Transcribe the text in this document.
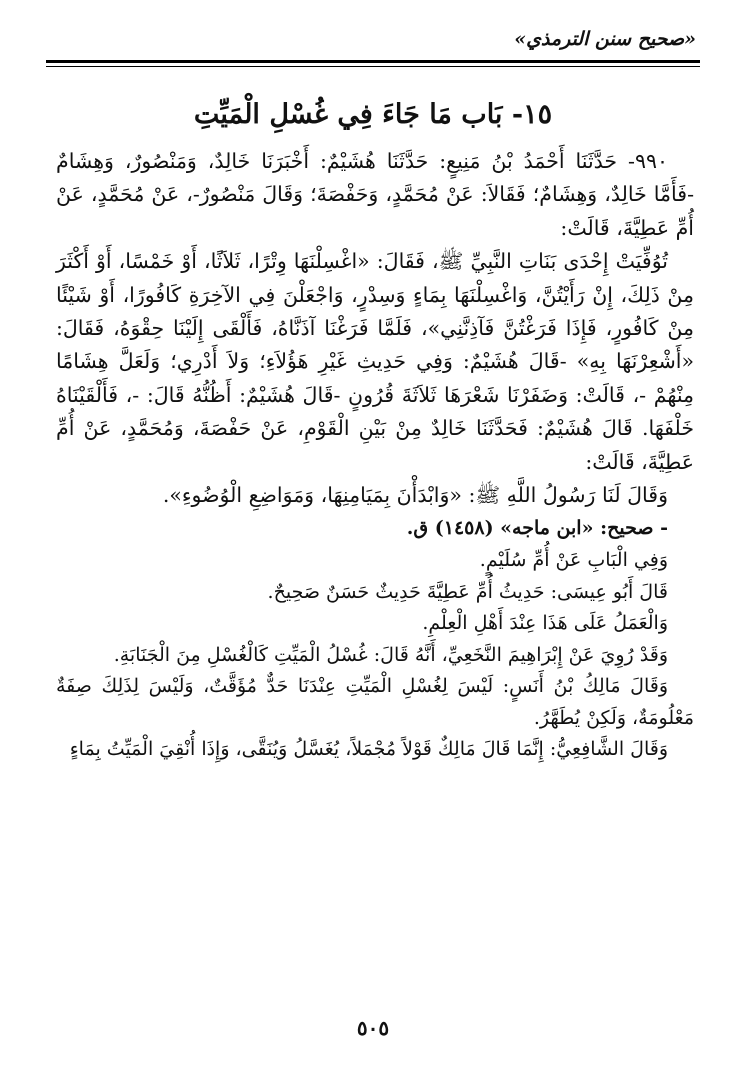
«صحيح سنن الترمذي»
١٥- بَاب مَا جَاءَ فِي غُسْلِ الْمَيِّتِ

٩٩٠- حَدَّثَنَا أَحْمَدُ بْنُ مَنِيعٍ: حَدَّثَنَا هُشَيْمٌ: أَخْبَرَنَا خَالِدٌ، وَمَنْصُورٌ، وَهِشَامٌ -فَأَمَّا خَالِدٌ، وَهِشَامٌ؛ فَقَالاَ: عَنْ مُحَمَّدٍ، وَحَفْصَةَ؛ وَقَالَ مَنْصُورٌ-، عَنْ مُحَمَّدٍ، عَنْ أُمِّ عَطِيَّةَ، قَالَتْ:

تُوُفِّيَتْ إِحْدَى بَنَاتِ النَّبِيِّ ﷺ، فَقَالَ: «اغْسِلْنَهَا وِتْرًا، ثَلاَثًا، أَوْ خَمْسًا، أَوْ أَكْثَرَ مِنْ ذَلِكَ، إِنْ رَأَيْتُنَّ، وَاغْسِلْنَهَا بِمَاءٍ وَسِدْرٍ، وَاجْعَلْنَ فِي الآخِرَةِ كَافُورًا، أَوْ شَيْئًا مِنْ كَافُورٍ، فَإِذَا فَرَغْتُنَّ فَآذِنَّنِي»، فَلَمَّا فَرَغْنَا آذَنَّاهُ، فَأَلْقَى إِلَيْنَا حِقْوَهُ، فَقَالَ: «أَشْعِرْنَهَا بِهِ» -قَالَ هُشَيْمٌ: وَفِي حَدِيثِ غَيْرِ هَؤُلاَءِ؛ وَلاَ أَدْرِي؛ وَلَعَلَّ هِشَامًا مِنْهُمْ -، قَالَتْ: وَضَفَرْنَا شَعْرَهَا ثَلاَثَةَ قُرُونٍ -قَالَ هُشَيْمٌ: أَظُنُّهُ قَالَ: -، فَأَلْقَيْنَاهُ خَلْفَهَا. قَالَ هُشَيْمٌ: فَحَدَّثَنَا خَالِدٌ مِنْ بَيْنِ الْقَوْمِ، عَنْ حَفْصَةَ، وَمُحَمَّدٍ، عَنْ أُمِّ عَطِيَّةَ، قَالَتْ:

وَقَالَ لَنَا رَسُولُ اللَّهِ ﷺ: «وَابْدَأْنَ بِمَيَامِنِهَا، وَمَوَاضِعِ الْوُضُوءِ».

- صحيح: «ابن ماجه» (١٤٥٨) ق.

وَفِي الْبَابِ عَنْ أُمِّ سُلَيْمٍ.

قَالَ أَبُو عِيسَى: حَدِيثُ أُمِّ عَطِيَّةَ حَدِيثٌ حَسَنٌ صَحِيحٌ.

وَالْعَمَلُ عَلَى هَذَا عِنْدَ أَهْلِ الْعِلْمِ.

وَقَدْ رُوِيَ عَنْ إِبْرَاهِيمَ النَّخَعِيِّ، أَنَّهُ قَالَ: غُسْلُ الْمَيِّتِ كَالْغُسْلِ مِنَ الْجَنَابَةِ.

وَقَالَ مَالِكُ بْنُ أَنَسٍ: لَيْسَ لِغُسْلِ الْمَيِّتِ عِنْدَنَا حَدٌّ مُؤَقَّتٌ، وَلَيْسَ لِذَلِكَ صِفَةٌ مَعْلُومَةٌ، وَلَكِنْ يُطَهَّرُ.

وَقَالَ الشَّافِعِيُّ: إِنَّمَا قَالَ مَالِكٌ قَوْلاً مُجْمَلاً، يُغَسَّلُ وَيُنَقَّى، وَإِذَا أُنْقِيَ الْمَيِّتُ بِمَاءٍ

٥٠٥
